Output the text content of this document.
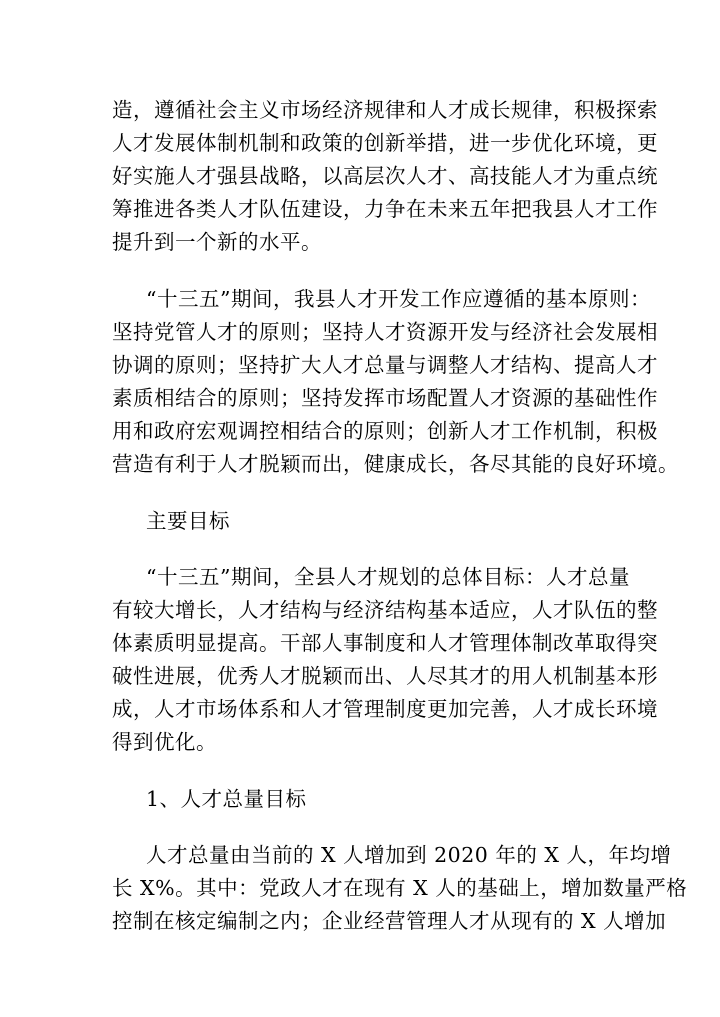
造，遵循社会主义市场经济规律和人才成长规律，积极探索
人才发展体制机制和政策的创新举措，进一步优化环境，更
好实施人才强县战略，以高层次人才、高技能人才为重点统
筹推进各类人才队伍建设，力争在未来五年把我县人才工作
提升到一个新的水平。
“十三五”期间，我县人才开发工作应遵循的基本原则：
坚持党管人才的原则；坚持人才资源开发与经济社会发展相
协调的原则；坚持扩大人才总量与调整人才结构、提高人才
素质相结合的原则；坚持发挥市场配置人才资源的基础性作
用和政府宏观调控相结合的原则；创新人才工作机制，积极
营造有利于人才脱颖而出，健康成长，各尽其能的良好环境。
主要目标
“十三五”期间，全县人才规划的总体目标：人才总量
有较大增长，人才结构与经济结构基本适应，人才队伍的整
体素质明显提高。干部人事制度和人才管理体制改革取得突
破性进展，优秀人才脱颖而出、人尽其才的用人机制基本形
成，人才市场体系和人才管理制度更加完善，人才成长环境
得到优化。
1、人才总量目标
人才总量由当前的 X 人增加到 2020 年的 X 人，年均增
长 X%。其中：党政人才在现有 X 人的基础上，增加数量严格
控制在核定编制之内；企业经营管理人才从现有的 X 人增加
